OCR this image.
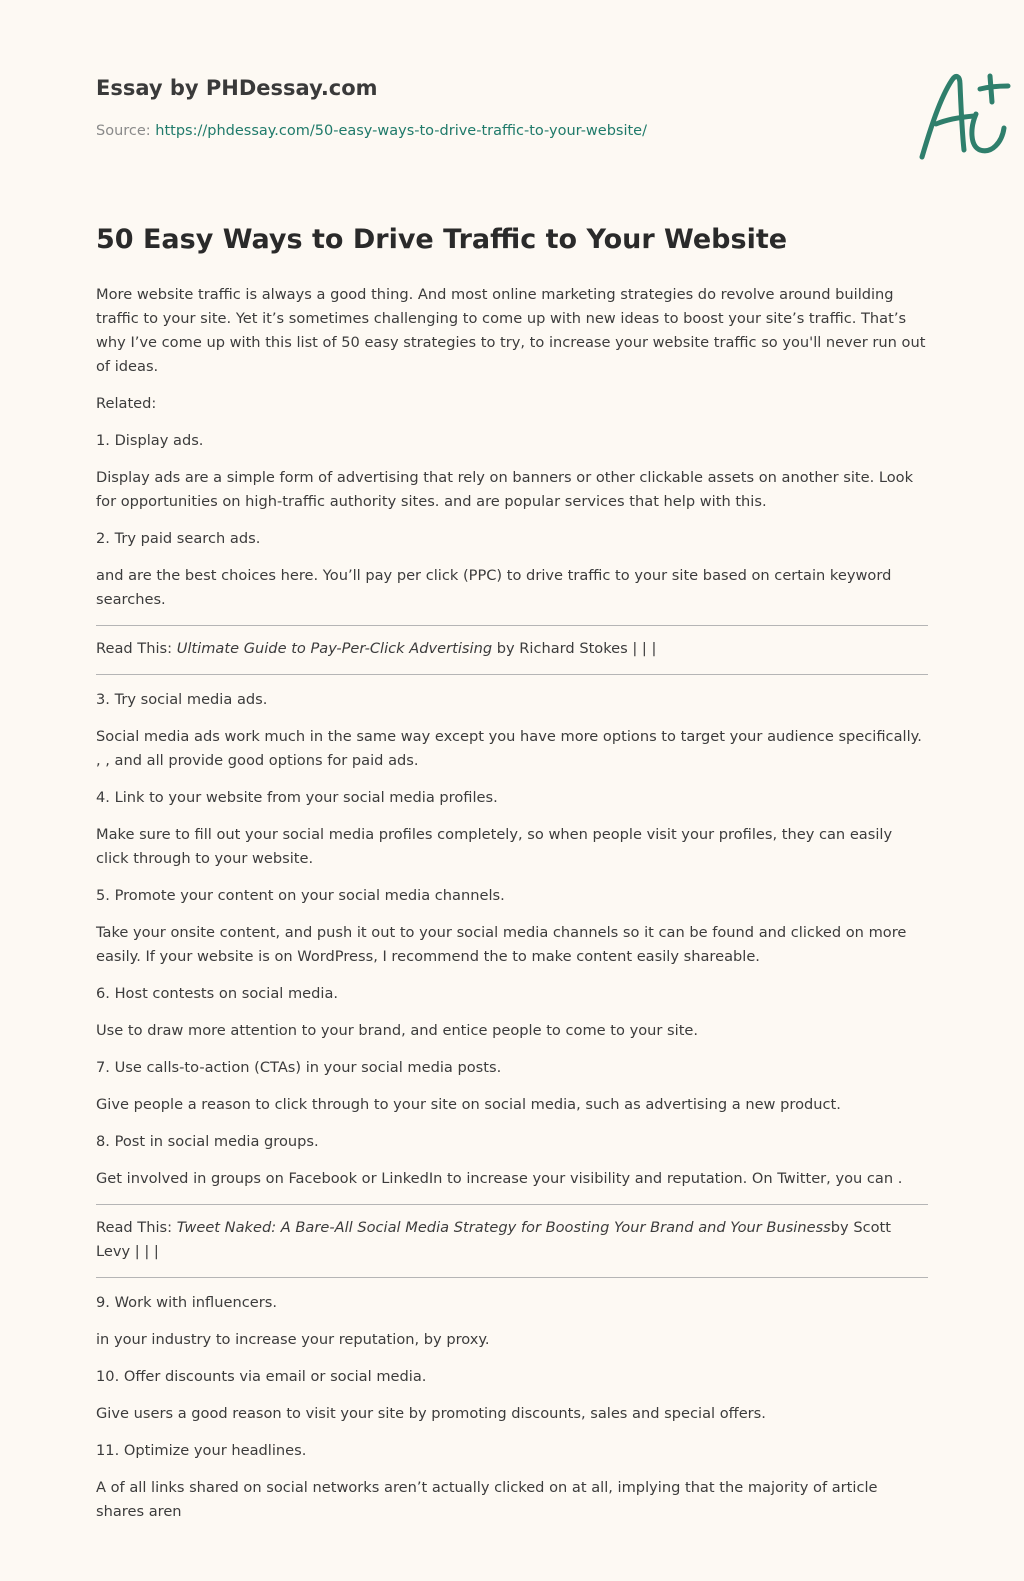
Essay by PHDessay.com
Source: https://phdessay.com/50-easy-ways-to-drive-traffic-to-your-website/
50 Easy Ways to Drive Traffic to Your Website

More website traffic is always a good thing. And most online marketing strategies do revolve around building traffic to your site. Yet it’s sometimes challenging to come up with new ideas to boost your site’s traffic. That’s why I’ve come up with this list of 50 easy strategies to try, to increase your website traffic so you'll never run out of ideas.

Related:

1. Display ads.

Display ads are a simple form of advertising that rely on banners or other clickable assets on another site. Look for opportunities on high-traffic authority sites. and are popular services that help with this.

2. Try paid search ads.

and are the best choices here. You’ll pay per click (PPC) to drive traffic to your site based on certain keyword searches.

Read This: Ultimate Guide to Pay-Per-Click Advertising by Richard Stokes | | |

3. Try social media ads.

Social media ads work much in the same way except you have more options to target your audience specifically. , , and all provide good options for paid ads.

4. Link to your website from your social media profiles.

Make sure to fill out your social media profiles completely, so when people visit your profiles, they can easily click through to your website.

5. Promote your content on your social media channels.

Take your onsite content, and push it out to your social media channels so it can be found and clicked on more easily. If your website is on WordPress, I recommend the to make content easily shareable.

6. Host contests on social media.

Use to draw more attention to your brand, and entice people to come to your site.

7. Use calls-to-action (CTAs) in your social media posts.

Give people a reason to click through to your site on social media, such as advertising a new product.

8. Post in social media groups.

Get involved in groups on Facebook or LinkedIn to increase your visibility and reputation. On Twitter, you can .

Read This: Tweet Naked: A Bare-All Social Media Strategy for Boosting Your Brand and Your Businessby Scott Levy | | |

9. Work with influencers.

in your industry to increase your reputation, by proxy.

10. Offer discounts via email or social media.

Give users a good reason to visit your site by promoting discounts, sales and special offers.

11. Optimize your headlines.

A of all links shared on social networks aren’t actually clicked on at all, implying that the majority of article shares aren
